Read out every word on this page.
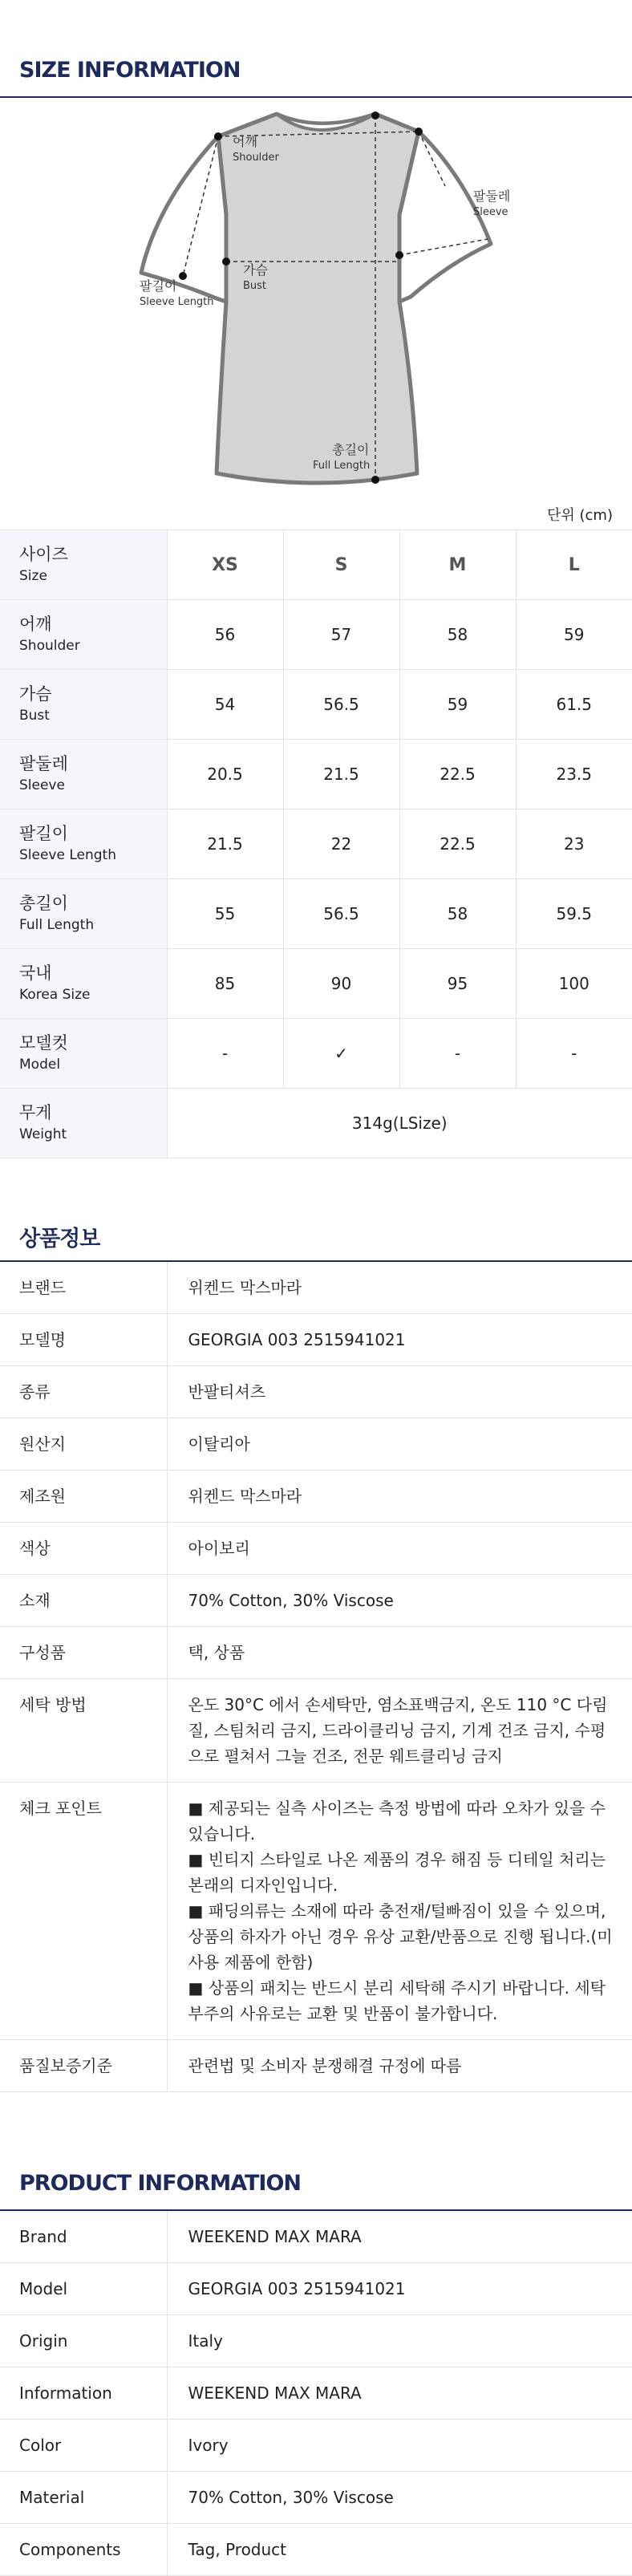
SIZE INFORMATION
어깨
Shoulder
팔둘레
Sleeve
가슴
Bust
팔길이
Sleeve Length
총길이
Full Length
단위 (cm)
사이즈
Size	XS	S	M	L

어깨
Shoulder	56	57	58	59

가슴
Bust	54	56.5	59	61.5

팔둘레
Sleeve	20.5	21.5	22.5	23.5

팔길이
Sleeve Length	21.5	22	22.5	23

총길이
Full Length	55	56.5	58	59.5

국내
Korea Size	85	90	95	100

모델컷
Model	-	✓	-	-

무게
Weight	314g(LSize)			
상품정보
브랜드	위켄드 막스마라
모델명	GEORGIA 003 2515941021
종류	반팔티셔츠
원산지	이탈리아
제조원	위켄드 막스마라
색상	아이보리
소재	70% Cotton, 30% Viscose
구성품	택, 상품
세탁 방법	온도 30°C 에서 손세탁만, 염소표백금지, 온도 110 °C 다림질, 스팀처리 금지, 드라이클리닝 금지, 기계 건조 금지, 수평으로 펼쳐서 그늘 건조, 전문 웨트클리닝 금지
체크 포인트	■ 제공되는 실측 사이즈는 측정 방법에 따라 오차가 있을 수 있습니다.
■ 빈티지 스타일로 나온 제품의 경우 해짐 등 디테일 처리는 본래의 디자인입니다.
■ 패딩의류는 소재에 따라 충전재/털빠짐이 있을 수 있으며, 상품의 하자가 아닌 경우 유상 교환/반품으로 진행 됩니다.(미사용 제품에 한함)
■ 상품의 패치는 반드시 분리 세탁해 주시기 바랍니다. 세탁부주의 사유로는 교환 및 반품이 불가합니다.

품질보증기준	관련법 및 소비자 분쟁해결 규정에 따름
PRODUCT INFORMATION
Brand	WEEKEND MAX MARA
Model	GEORGIA 003 2515941021
Origin	Italy
Information	WEEKEND MAX MARA
Color	Ivory
Material	70% Cotton, 30% Viscose
Components	Tag, Product
